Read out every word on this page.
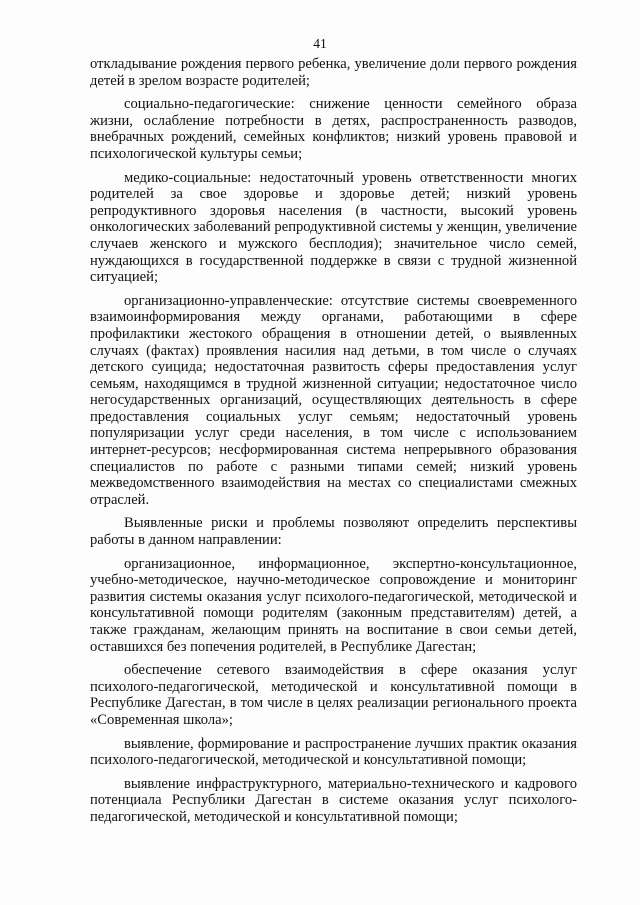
41

откладывание рождения первого ребенка, увеличение доли первого рождения детей в зрелом возрасте родителей;

социально-педагогические: снижение ценности семейного образа жизни, ослабление потребности в детях, распространенность разводов, внебрачных рождений, семейных конфликтов; низкий уровень правовой и психологической культуры семьи;

медико-социальные: недостаточный уровень ответственности многих родителей за свое здоровье и здоровье детей; низкий уровень репродуктивного здоровья населения (в частности, высокий уровень онкологических заболеваний репродуктивной системы у женщин, увеличение случаев женского и мужского бесплодия); значительное число семей, нуждающихся в государственной поддержке в связи с трудной жизненной ситуацией;

организационно-управленческие: отсутствие системы своевременного взаимоинформирования между органами, работающими в сфере профилактики жестокого обращения в отношении детей, о выявленных случаях (фактах) проявления насилия над детьми, в том числе о случаях детского суицида; недостаточная развитость сферы предоставления услуг семьям, находящимся в трудной жизненной ситуации; недостаточное число негосударственных организаций, осуществляющих деятельность в сфере предоставления социальных услуг семьям; недостаточный уровень популяризации услуг среди населения, в том числе с использованием интернет-ресурсов; несформированная система непрерывного образования специалистов по работе с разными типами семей; низкий уровень межведомственного взаимодействия на местах со специалистами смежных отраслей.

Выявленные риски и проблемы позволяют определить перспективы работы в данном направлении:

организационное, информационное, экспертно-консультационное, учебно-методическое, научно-методическое сопровождение и мониторинг развития системы оказания услуг психолого-педагогической, методической и консультативной помощи родителям (законным представителям) детей, а также гражданам, желающим принять на воспитание в свои семьи детей, оставшихся без попечения родителей, в Республике Дагестан;

обеспечение сетевого взаимодействия в сфере оказания услуг психолого-педагогической, методической и консультативной помощи в Республике Дагестан, в том числе в целях реализации регионального проекта «Современная школа»;

выявление, формирование и распространение лучших практик оказания психолого-педагогической, методической и консультативной помощи;

выявление инфраструктурного, материально-технического и кадрового потенциала Республики Дагестан в системе оказания услуг психолого-педагогической, методической и консультативной помощи;
